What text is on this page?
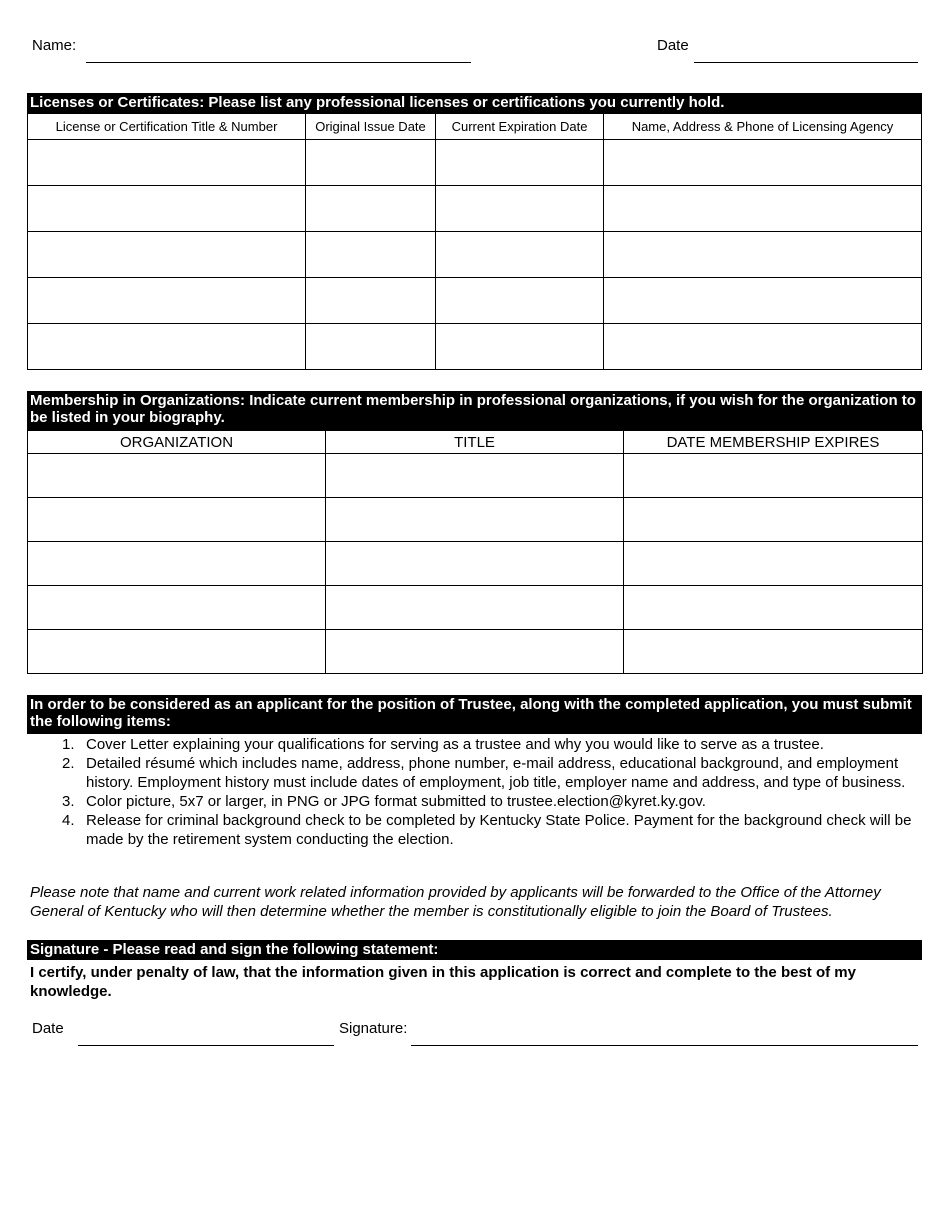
Name:	Date
Licenses or Certificates: Please list any professional licenses or certifications you currently hold.
License or Certification Title & Number	Original Issue Date	Current Expiration Date	Name, Address & Phone of Licensing Agency

Membership in Organizations: Indicate current membership in professional organizations, if you wish for the organization to be listed in your biography.
ORGANIZATION	TITLE	DATE MEMBERSHIP EXPIRES

In order to be considered as an applicant for the position of Trustee, along with the completed application, you must submit the following items:
1. Cover Letter explaining your qualifications for serving as a trustee and why you would like to serve as a trustee.
2. Detailed résumé which includes name, address, phone number, e-mail address, educational background, and employment history. Employment history must include dates of employment, job title, employer name and address, and type of business.
3. Color picture, 5x7 or larger, in PNG or JPG format submitted to trustee.election@kyret.ky.gov.
4. Release for criminal background check to be completed by Kentucky State Police. Payment for the background check will be made by the retirement system conducting the election.
Please note that name and current work related information provided by applicants will be forwarded to the Office of the Attorney General of Kentucky who will then determine whether the member is constitutionally eligible to join the Board of Trustees.
Signature - Please read and sign the following statement:
I certify, under penalty of law, that the information given in this application is correct and complete to the best of my knowledge.
Date	Signature:
